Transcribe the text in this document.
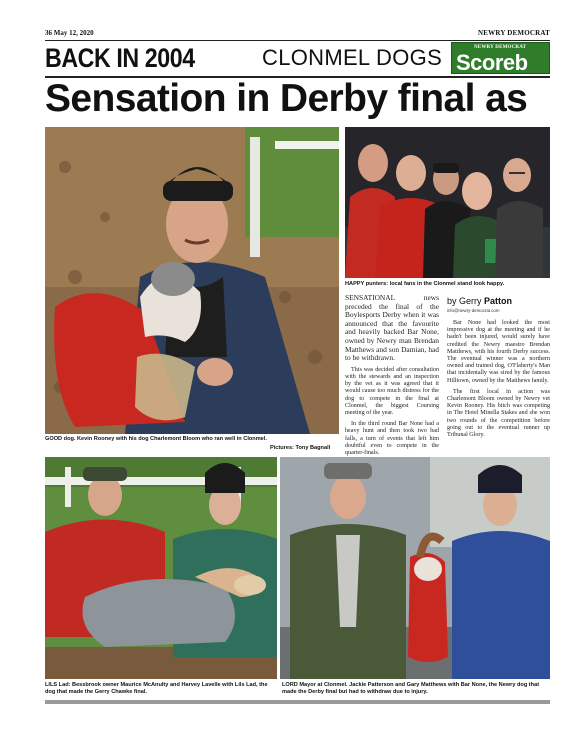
36 May 12, 2020	NEWRY DEMOCRAT
BACK IN 2004	CLONMEL DOGS	NEWRY DEMOCRAT
Scoreb
Sensation in Derby final as
GOOD dog. Kevin Rooney with his dog Charlemont Bloom who ran well in Clonmel.
Pictures: Tony Bagnall
HAPPY punters: local fans in the Clonmel stand look happy.

SENSATIONAL news preceded the final of the Boylesports Derby when it was announced that the favourite and heavily backed Bar None, owned by Newry man Brendan Matthews and son Damian, had to be withdrawn.

This was decided after consultation with the stewards and an inspection by the vet as it was agreed that it would cause too much distress for the dog to compete in the final at Clonmel, the biggest Coursing meeting of the year.

In the third round Bar None had a heavy hunt and then took two bad falls, a turn of events that left him doubtful even to compete in the quarter-finals.

by Gerry Patton
info@newry-democrat.com

Bar None had looked the most impressive dog at the meeting and if he hadn't been injured, would surely have credited the Newry maestro Brendan Matthews, with his fourth Derby success. The eventual winner was a northern owned and trained dog, O'Flaherty's Man that incidentally was sired by the famous Hilltown, owned by the Matthews family.

The first local in action was Charlemont Bloom owned by Newry vet Kevin Rooney. His bitch was competing in The Hotel Minella Stakes and she won two rounds of the competition before going out to the eventual runner up Tribunal Glory.

LILS Lad: Bessbrook owner Maurice McAnulty and Harvey Lavelle with Lils Lad, the dog that made the Gerry Chawke final.
LORD Mayor at Clonmel. Jackie Patterson and Gary Matthews with Bar None, the Newry dog that made the Derby final but had to withdraw due to injury.
